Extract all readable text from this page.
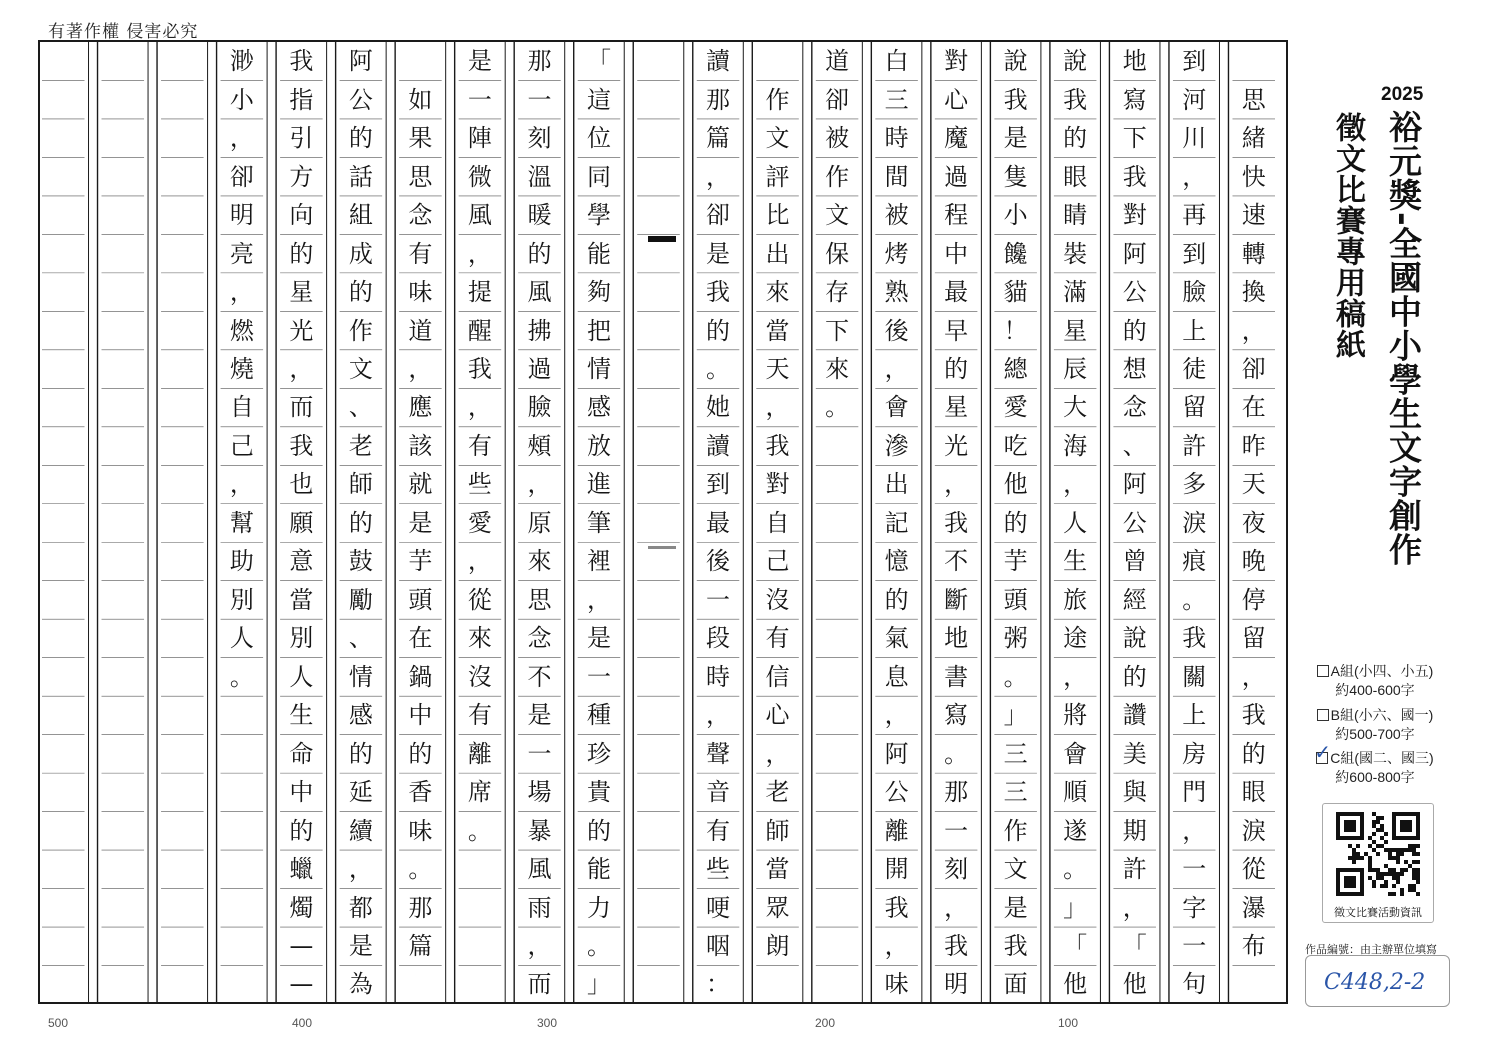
有著作權 侵害必究

思
緒
快
速
轉
換
，
卻
在
昨
天
夜
晚
停
留
，
我
的
眼
淚
從
瀑
布
到
河
川
，
再
到
臉
上
徒
留
許
多
淚
痕
。
我
關
上
房
門
，
一
字
一
句
地
寫
下
我
對
阿
公
的
想
念
、
阿
公
曾
經
說
的
讚
美
與
期
許
，
「
他
說
我
的
眼
睛
裝
滿
星
辰
大
海
，
人
生
旅
途
，
將
會
順
遂
。
」
「
他
說
我
是
隻
小
饞
貓
！
總
愛
吃
他
的
芋
頭
粥
。
」
三
三
作
文
是
我
面
對
心
魔
過
程
中
最
早
的
星
光
，
我
不
斷
地
書
寫
。
那
一
刻
，
我
明
白
三
時
間
被
烤
熟
後
，
會
滲
出
記
憶
的
氣
息
，
阿
公
離
開
我
，
味
道
卻
被
作
文
保
存
下
來
。

作
文
評
比
出
來
當
天
，
我
對
自
己
沒
有
信
心
，
老
師
當
眾
朗
讀
那
篇
，
卻
是
我
的
。
她
讀
到
最
後
一
段
時
，
聲
音
有
些
哽
咽
：
「
這
位
同
學
能
夠
把
情
感
放
進
筆
裡
，
是
一
種
珍
貴
的
能
力
。
」
那
一
刻
溫
暖
的
風
拂
過
臉
頰
，
原
來
思
念
不
是
一
場
暴
風
雨
，
而
是
一
陣
微
風
，
提
醒
我
，
有
些
愛
，
從
來
沒
有
離
席
。

如
果
思
念
有
味
道
，
應
該
就
是
芋
頭
在
鍋
中
的
香
味
。
那
篇
阿
公
的
話
組
成
的
作
文
、
老
師
的
鼓
勵
、
情
感
的
延
續
，
都
是
為
我
指
引
方
向
的
星
光
，
而
我
也
願
意
當
別
人
生
命
中
的
蠟
燭
—
—
渺
小
，
卻
明
亮
，
燃
燒
自
己
，
幫
助
別
人
。
500	400	300	200	100
2025
裕元獎-全國中小學生文字創作
徵文比賽專用稿紙
A組(小四、小五)
約400-600字
B組(小六、國一)
約500-700字
✓ C組(國二、國三)
約600-800字
徵文比賽活動資訊
作品編號：由主辦單位填寫
C448,2-2
